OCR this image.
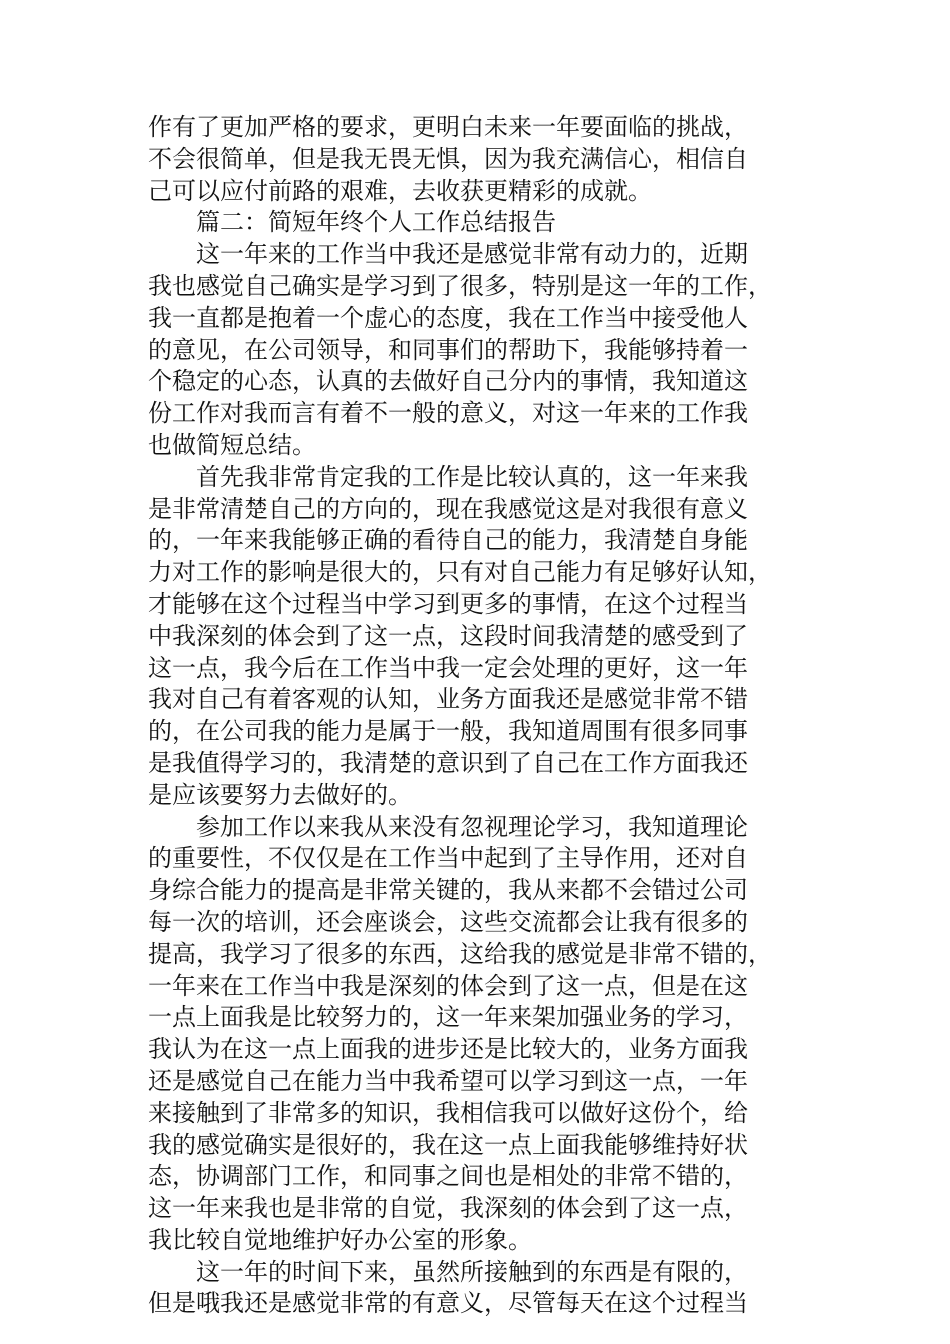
作有了更加严格的要求，更明白未来一年要面临的挑战，
不会很简单，但是我无畏无惧，因为我充满信心，相信自
己可以应付前路的艰难，去收获更精彩的成就。
篇二：简短年终个人工作总结报告
这一年来的工作当中我还是感觉非常有动力的，近期
我也感觉自己确实是学习到了很多，特别是这一年的工作，
我一直都是抱着一个虚心的态度，我在工作当中接受他人
的意见，在公司领导，和同事们的帮助下，我能够持着一
个稳定的心态，认真的去做好自己分内的事情，我知道这
份工作对我而言有着不一般的意义，对这一年来的工作我
也做简短总结。
首先我非常肯定我的工作是比较认真的，这一年来我
是非常清楚自己的方向的，现在我感觉这是对我很有意义
的，一年来我能够正确的看待自己的能力，我清楚自身能
力对工作的影响是很大的，只有对自己能力有足够好认知，
才能够在这个过程当中学习到更多的事情，在这个过程当
中我深刻的体会到了这一点，这段时间我清楚的感受到了
这一点，我今后在工作当中我一定会处理的更好，这一年
我对自己有着客观的认知，业务方面我还是感觉非常不错
的，在公司我的能力是属于一般，我知道周围有很多同事
是我值得学习的，我清楚的意识到了自己在工作方面我还
是应该要努力去做好的。
参加工作以来我从来没有忽视理论学习，我知道理论
的重要性，不仅仅是在工作当中起到了主导作用，还对自
身综合能力的提高是非常关键的，我从来都不会错过公司
每一次的培训，还会座谈会，这些交流都会让我有很多的
提高，我学习了很多的东西，这给我的感觉是非常不错的，
一年来在工作当中我是深刻的体会到了这一点，但是在这
一点上面我是比较努力的，这一年来架加强业务的学习，
我认为在这一点上面我的进步还是比较大的，业务方面我
还是感觉自己在能力当中我希望可以学习到这一点，一年
来接触到了非常多的知识，我相信我可以做好这份个，给
我的感觉确实是很好的，我在这一点上面我能够维持好状
态，协调部门工作，和同事之间也是相处的非常不错的，
这一年来我也是非常的自觉，我深刻的体会到了这一点，
我比较自觉地维护好办公室的形象。
这一年的时间下来，虽然所接触到的东西是有限的，
但是哦我还是感觉非常的有意义，尽管每天在这个过程当
